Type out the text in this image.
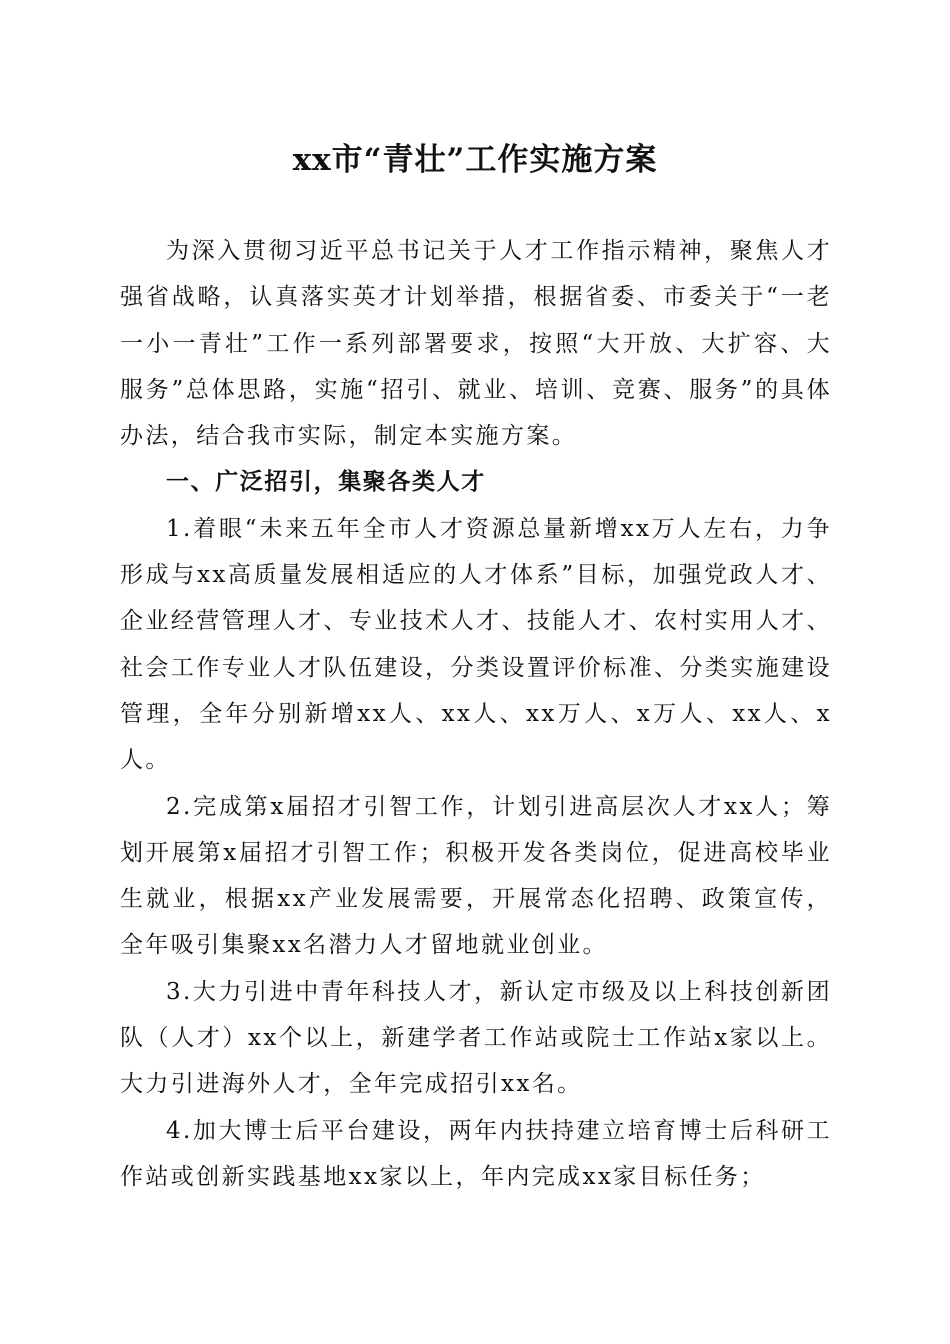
xx市“青壮”工作实施方案

为深入贯彻习近平总书记关于人才工作指示精神，聚焦人才强省战略，认真落实英才计划举措，根据省委、市委关于“一老一小一青壮”工作一系列部署要求，按照“大开放、大扩容、大服务”总体思路，实施“招引、就业、培训、竞赛、服务”的具体办法，结合我市实际，制定本实施方案。

一、广泛招引，集聚各类人才

1.着眼“未来五年全市人才资源总量新增xx万人左右，力争形成与xx高质量发展相适应的人才体系”目标，加强党政人才、企业经营管理人才、专业技术人才、技能人才、农村实用人才、社会工作专业人才队伍建设，分类设置评价标准、分类实施建设管理，全年分别新增xx人、xx人、xx万人、x万人、xx人、x人。

2.完成第x届招才引智工作，计划引进高层次人才xx人；筹划开展第x届招才引智工作；积极开发各类岗位，促进高校毕业生就业，根据xx产业发展需要，开展常态化招聘、政策宣传，全年吸引集聚xx名潜力人才留地就业创业。

3.大力引进中青年科技人才，新认定市级及以上科技创新团队（人才）xx个以上，新建学者工作站或院士工作站x家以上。大力引进海外人才，全年完成招引xx名。

4.加大博士后平台建设，两年内扶持建立培育博士后科研工作站或创新实践基地xx家以上，年内完成xx家目标任务；
